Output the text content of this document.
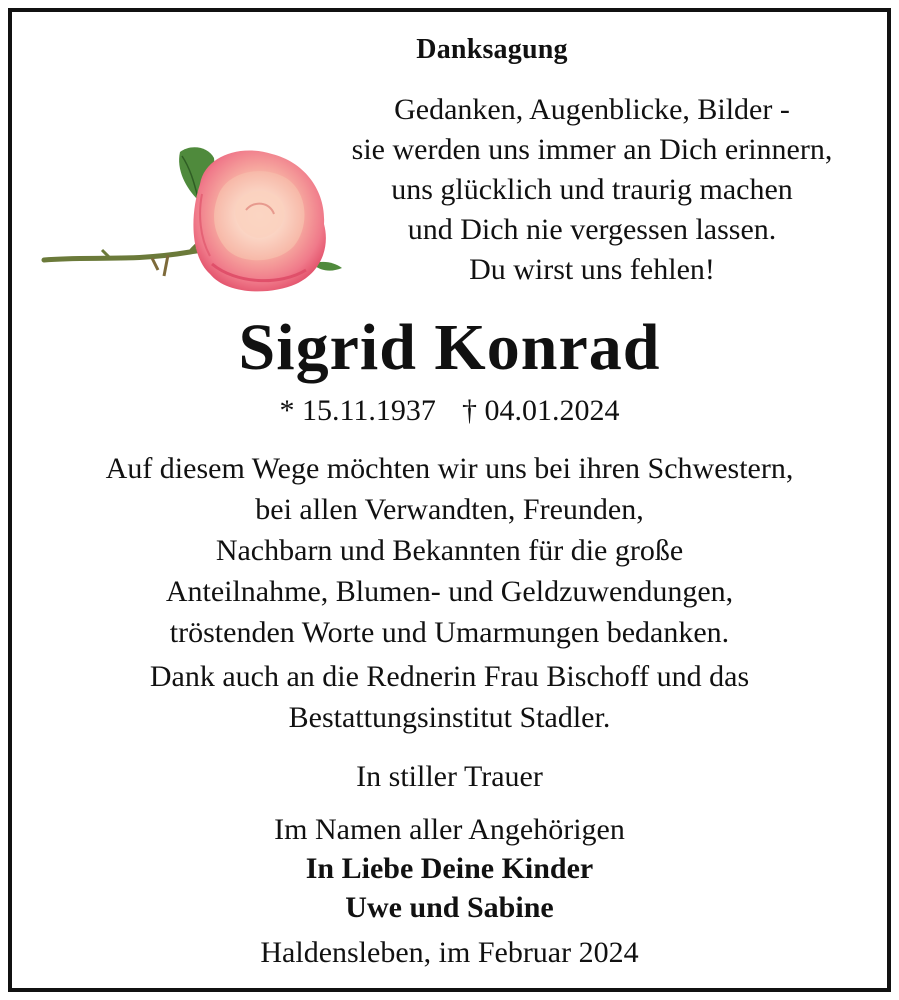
Danksagung
Gedanken, Augenblicke, Bilder -
sie werden uns immer an Dich erinnern,
uns glücklich und traurig machen
und Dich nie vergessen lassen.
Du wirst uns fehlen!
Sigrid Konrad
* 15.11.1937 † 04.01.2024
Auf diesem Wege möchten wir uns bei ihren Schwestern,
bei allen Verwandten, Freunden,
Nachbarn und Bekannten für die große
Anteilnahme, Blumen- und Geldzuwendungen,
tröstenden Worte und Umarmungen bedanken.
Dank auch an die Rednerin Frau Bischoff und das
Bestattungsinstitut Stadler.
In stiller Trauer
Im Namen aller Angehörigen
In Liebe Deine Kinder
Uwe und Sabine
Haldensleben, im Februar 2024
